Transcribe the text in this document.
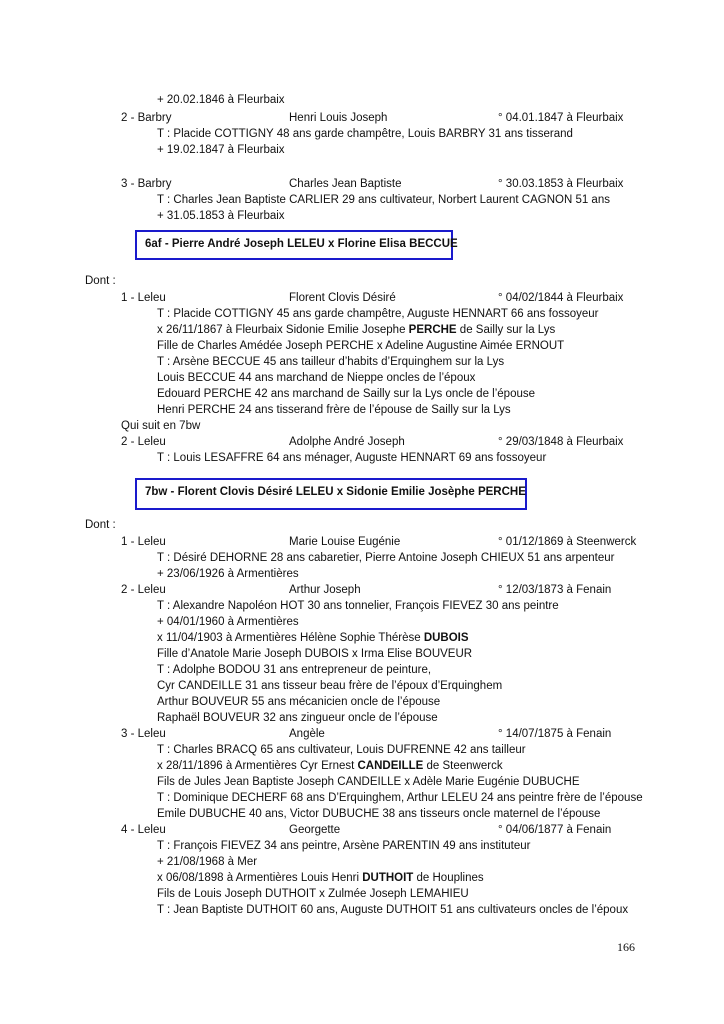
+ 20.02.1846 à Fleurbaix
2 - Barbry	Henri Louis Joseph	° 04.01.1847 à Fleurbaix
T : Placide COTTIGNY 48 ans garde champêtre, Louis BARBRY 31 ans tisserand
+ 19.02.1847 à Fleurbaix
3 - Barbry	Charles Jean Baptiste	° 30.03.1853 à Fleurbaix
T : Charles Jean Baptiste CARLIER 29 ans cultivateur, Norbert Laurent CAGNON 51 ans
+ 31.05.1853 à Fleurbaix
6af - Pierre André Joseph LELEU x Florine Elisa BECCUE
Dont :
1 - Leleu	Florent Clovis Désiré	° 04/02/1844 à Fleurbaix
T : Placide COTTIGNY 45 ans garde champêtre, Auguste HENNART 66 ans fossoyeur
x 26/11/1867 à Fleurbaix Sidonie Emilie Josephe PERCHE de Sailly sur la Lys
Fille de Charles Amédée Joseph PERCHE x Adeline Augustine Aimée ERNOUT
T : Arsène BECCUE 45 ans tailleur d’habits d’Erquinghem sur la Lys
Louis BECCUE 44 ans marchand de Nieppe oncles de l’époux
Edouard PERCHE 42 ans marchand de Sailly sur la Lys oncle de l’épouse
Henri PERCHE 24 ans tisserand frère de l’épouse de Sailly sur la Lys
Qui suit en 7bw
2 - Leleu	Adolphe André Joseph	° 29/03/1848 à Fleurbaix
T : Louis LESAFFRE 64 ans ménager, Auguste HENNART 69 ans fossoyeur
7bw - Florent Clovis Désiré LELEU x Sidonie Emilie Josèphe PERCHE
Dont :
1 - Leleu	Marie Louise Eugénie	° 01/12/1869 à Steenwerck
T : Désiré DEHORNE 28 ans cabaretier, Pierre Antoine Joseph CHIEUX 51 ans arpenteur
+ 23/06/1926 à Armentières
2 - Leleu	Arthur Joseph	° 12/03/1873 à Fenain
T : Alexandre Napoléon HOT 30 ans tonnelier, François FIEVEZ 30 ans peintre
+ 04/01/1960 à Armentières
x 11/04/1903 à Armentières Hélène Sophie Thérèse DUBOIS
Fille d’Anatole Marie Joseph DUBOIS x Irma Elise BOUVEUR
T : Adolphe BODOU 31 ans entrepreneur de peinture,
Cyr CANDEILLE 31 ans tisseur beau frère de l’époux d’Erquinghem
Arthur BOUVEUR 55 ans mécanicien oncle de l’épouse
Raphaël BOUVEUR 32 ans zingueur oncle de l’épouse
3 - Leleu	Angèle	° 14/07/1875 à Fenain
T : Charles BRACQ 65 ans cultivateur, Louis DUFRENNE 42 ans tailleur
x 28/11/1896 à Armentières Cyr Ernest CANDEILLE de Steenwerck
Fils de Jules Jean Baptiste Joseph CANDEILLE x Adèle Marie Eugénie DUBUCHE
T : Dominique DECHERF 68 ans D’Erquinghem, Arthur LELEU 24 ans peintre frère de l’épouse
Emile DUBUCHE 40 ans, Victor DUBUCHE 38 ans tisseurs oncle maternel de l’épouse
4 - Leleu	Georgette	° 04/06/1877 à Fenain
T : François FIEVEZ 34 ans peintre, Arsène PARENTIN 49 ans instituteur
+ 21/08/1968 à Mer
x 06/08/1898 à Armentières Louis Henri DUTHOIT de Houplines
Fils de Louis Joseph DUTHOIT x Zulmée Joseph LEMAHIEU
T : Jean Baptiste DUTHOIT 60 ans, Auguste DUTHOIT 51 ans cultivateurs oncles de l’époux
166
